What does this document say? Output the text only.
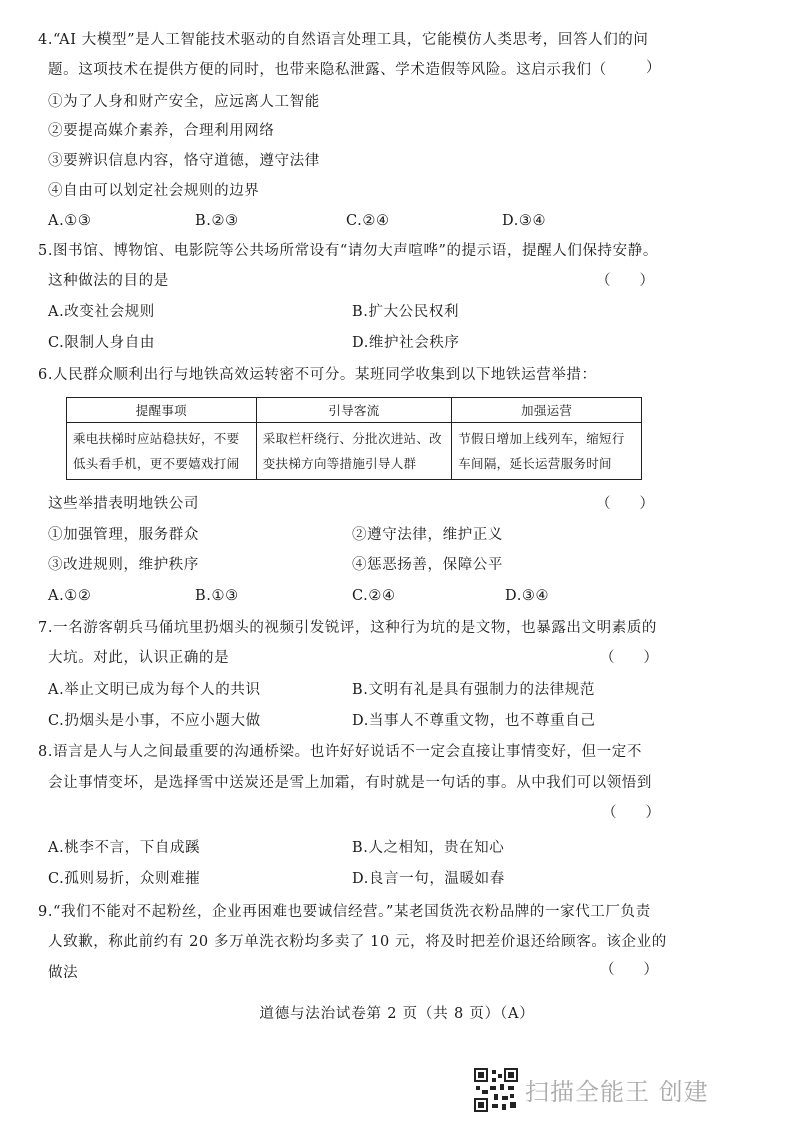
4.“AI 大模型”是人工智能技术驱动的自然语言处理工具，它能模仿人类思考，回答人们的问
题。这项技术在提供方便的同时，也带来隐私泄露、学术造假等风险。这启示我们（	）
①为了人身和财产安全，应远离人工智能
②要提高媒介素养，合理利用网络
③要辨识信息内容，恪守道德，遵守法律
④自由可以划定社会规则的边界
A.①③	B.②③	C.②④	D.③④
5.图书馆、博物馆、电影院等公共场所常设有“请勿大声喧哗”的提示语，提醒人们保持安静。
这种做法的目的是	（　　）
A.改变社会规则	B.扩大公民权利
C.限制人身自由	D.维护社会秩序
6.人民群众顺利出行与地铁高效运转密不可分。某班同学收集到以下地铁运营举措：
提醒事项	引导客流	加强运营
乘电扶梯时应站稳扶好，不要低头看手机，更不要嬉戏打闹	采取栏杆绕行、分批次进站、改变扶梯方向等措施引导人群	节假日增加上线列车，缩短行车间隔，延长运营服务时间
这些举措表明地铁公司	（　　）
①加强管理，服务群众	②遵守法律，维护正义
③改进规则，维护秩序	④惩恶扬善，保障公平
A.①②	B.①③	C.②④	D.③④
7.一名游客朝兵马俑坑里扔烟头的视频引发锐评，这种行为坑的是文物，也暴露出文明素质的
大坑。对此，认识正确的是	（　　）
A.举止文明已成为每个人的共识	B.文明有礼是具有强制力的法律规范
C.扔烟头是小事，不应小题大做	D.当事人不尊重文物，也不尊重自己
8.语言是人与人之间最重要的沟通桥梁。也许好好说话不一定会直接让事情变好，但一定不
会让事情变坏，是选择雪中送炭还是雪上加霜，有时就是一句话的事。从中我们可以领悟到
（　　）
A.桃李不言，下自成蹊	B.人之相知，贵在知心
C.孤则易折，众则难摧	D.良言一句，温暖如春
9.“我们不能对不起粉丝，企业再困难也要诚信经营。”某老国货洗衣粉品牌的一家代工厂负责
人致歉，称此前约有 20 多万单洗衣粉均多卖了 10 元，将及时把差价退还给顾客。该企业的
做法	（　　）
道德与法治试卷第 2 页（共 8 页）（A）
扫描全能王 创建
